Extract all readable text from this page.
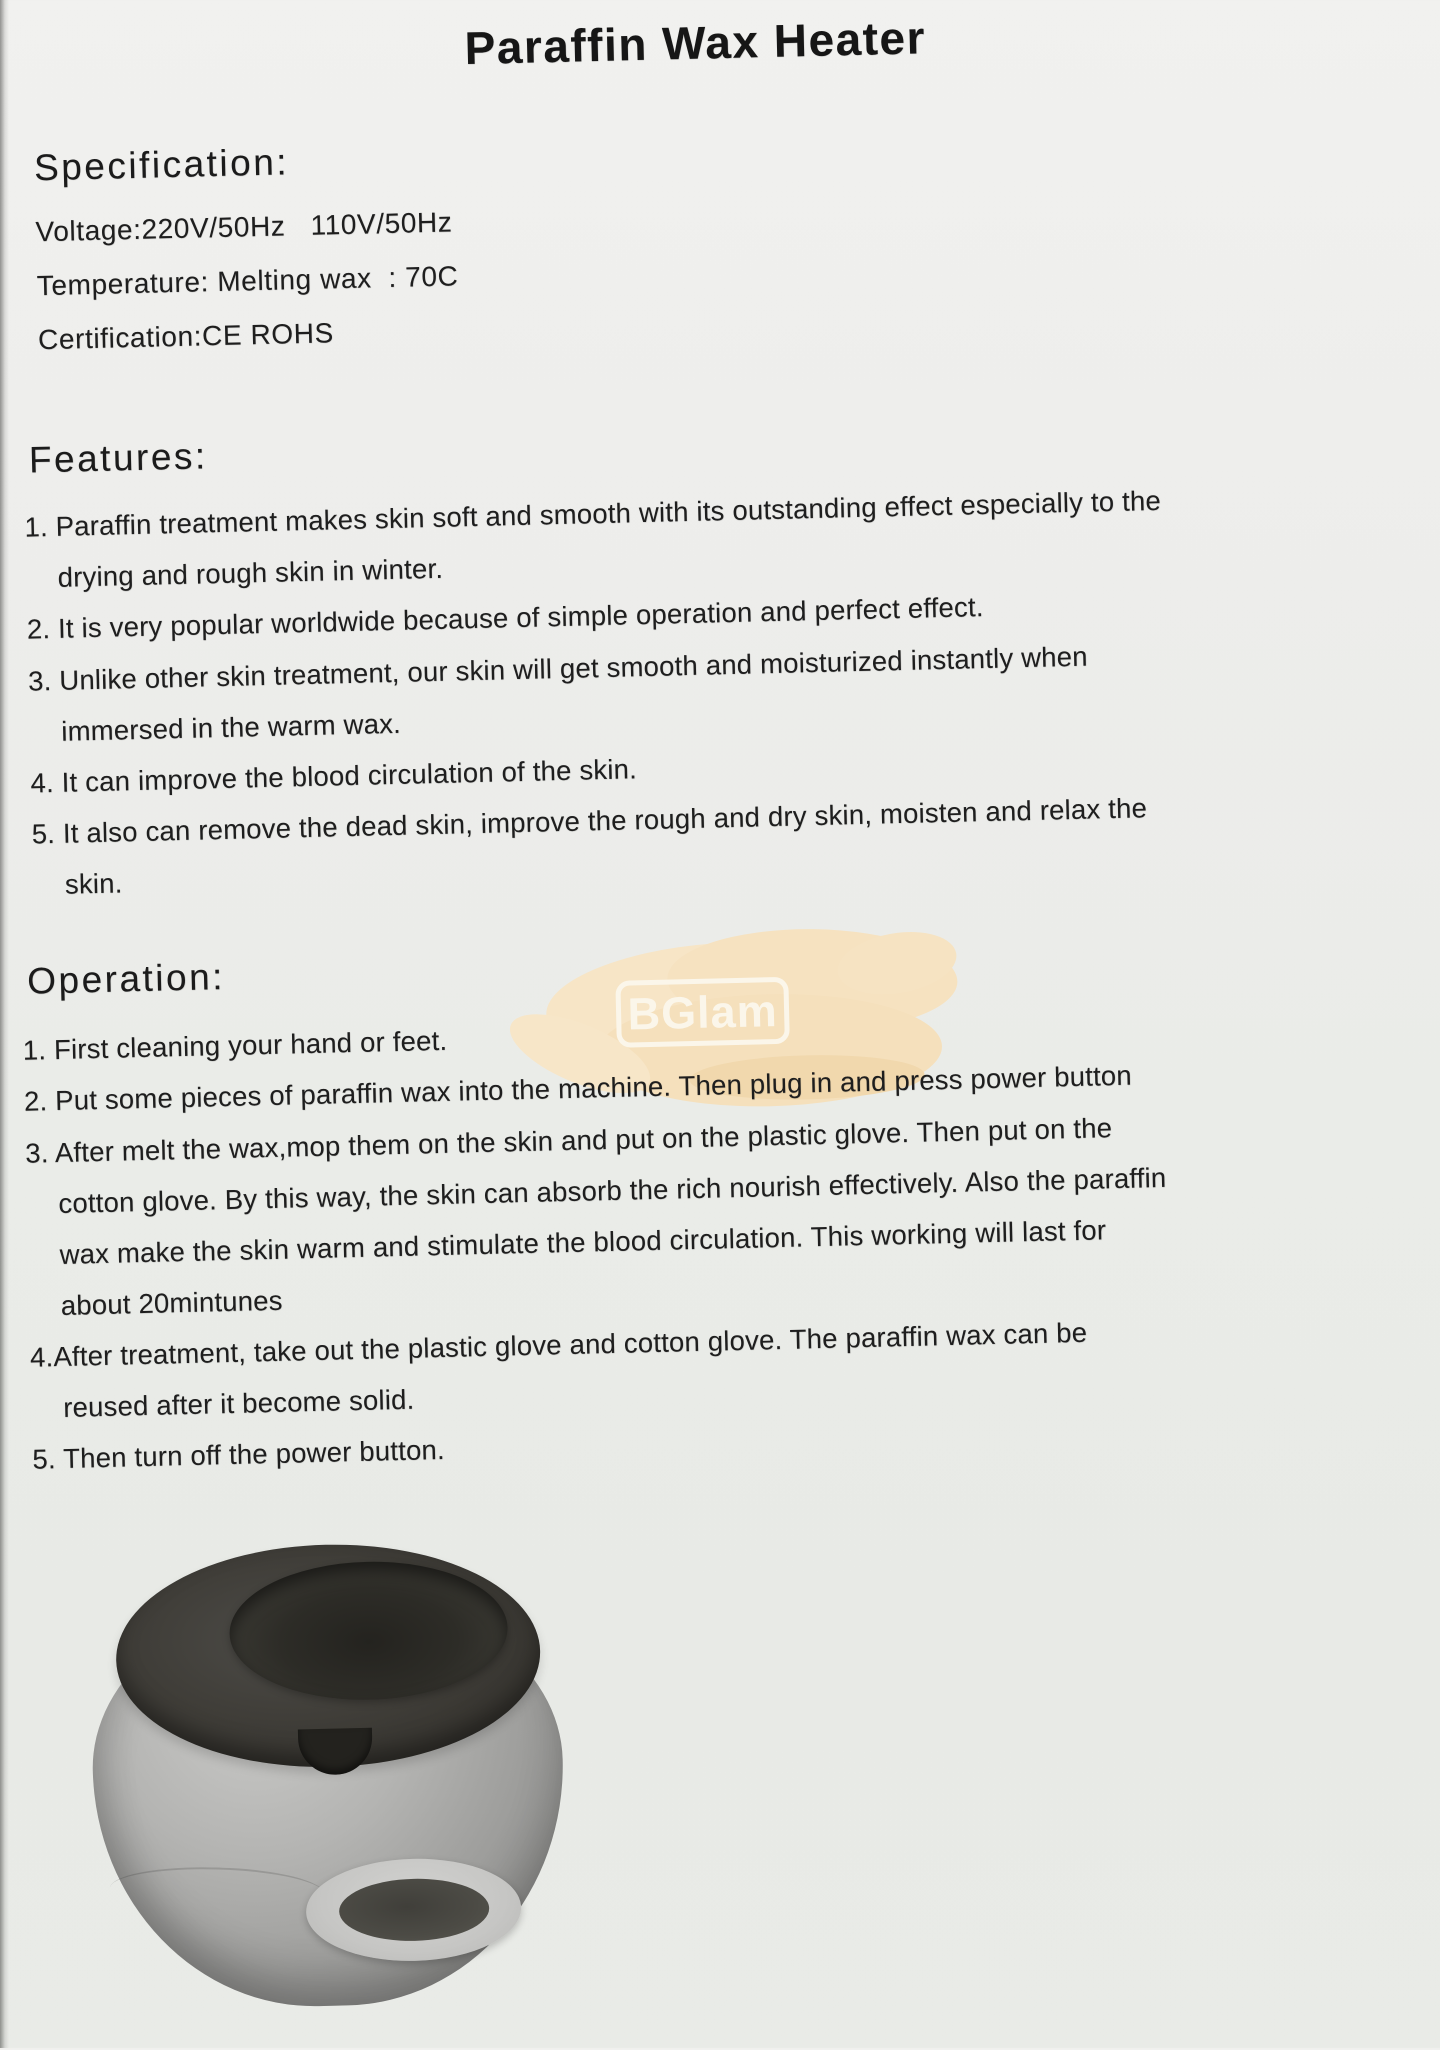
BGlam
Paraffin Wax Heater
Specification:
Voltage:220V/50Hz   110V/50Hz
Temperature: Melting wax  : 70C
Certification:CE ROHS
Features:
1. Paraffin treatment makes skin soft and smooth with its outstanding effect especially to the
drying and rough skin in winter.
2. It is very popular worldwide because of simple operation and perfect effect.
3. Unlike other skin treatment, our skin will get smooth and moisturized instantly when
immersed in the warm wax.
4. It can improve the blood circulation of the skin.
5. It also can remove the dead skin, improve the rough and dry skin, moisten and relax the
skin.
Operation:
1. First cleaning your hand or feet.
2. Put some pieces of paraffin wax into the machine. Then plug in and press power button
3. After melt the wax,mop them on the skin and put on the plastic glove. Then put on the
cotton glove. By this way, the skin can absorb the rich nourish effectively. Also the paraffin
wax make the skin warm and stimulate the blood circulation. This working will last for
about 20mintunes
4.After treatment, take out the plastic glove and cotton glove. The paraffin wax can be
reused after it become solid.
5. Then turn off the power button.
